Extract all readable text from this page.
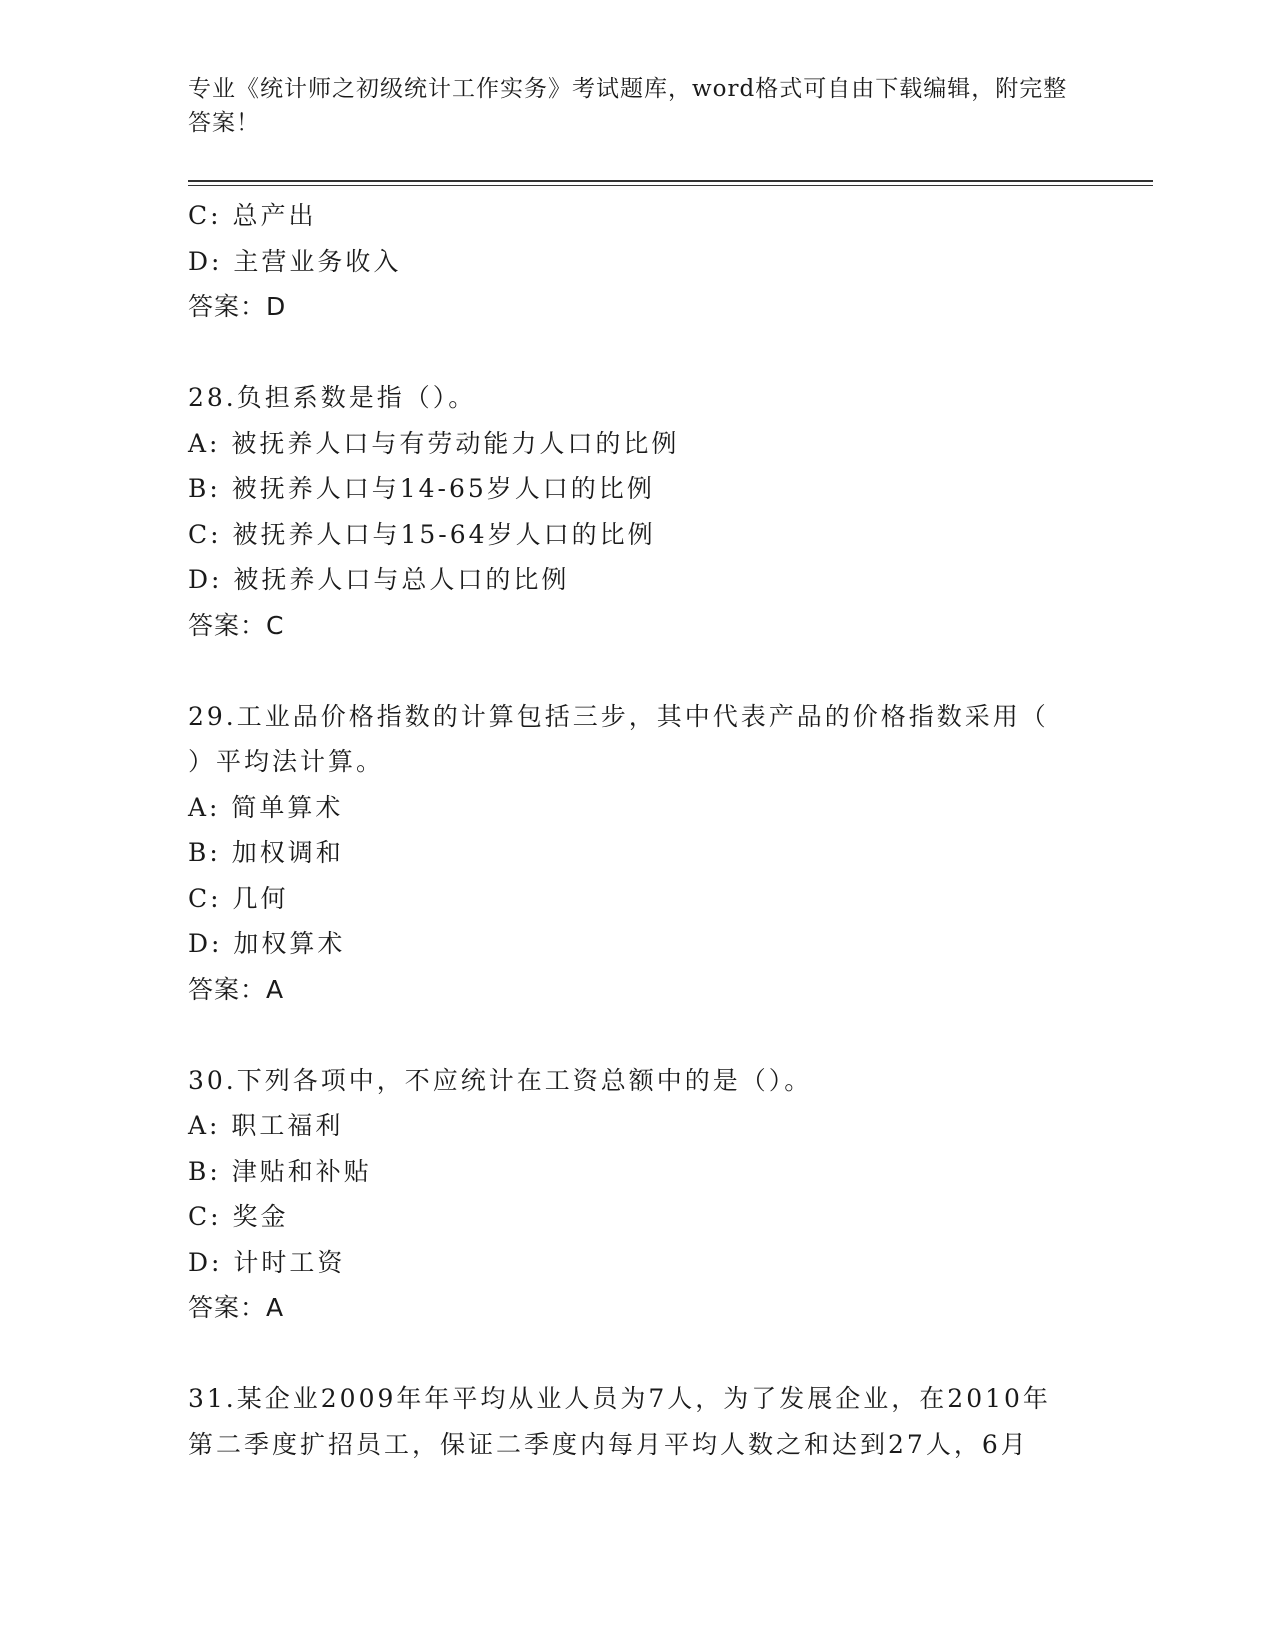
专业《统计师之初级统计工作实务》考试题库，word格式可自由下载编辑，附完整答案！
C: 总产出
D: 主营业务收入
答案：D
28.负担系数是指（）。
A: 被抚养人口与有劳动能力人口的比例
B: 被抚养人口与14-65岁人口的比例
C: 被抚养人口与15-64岁人口的比例
D: 被抚养人口与总人口的比例
答案：C
29.工业品价格指数的计算包括三步，其中代表产品的价格指数采用（
）平均法计算。
A: 简单算术
B: 加权调和
C: 几何
D: 加权算术
答案：A
30.下列各项中，不应统计在工资总额中的是（）。
A: 职工福利
B: 津贴和补贴
C: 奖金
D: 计时工资
答案：A
31.某企业2009年年平均从业人员为7人，为了发展企业，在2010年
第二季度扩招员工，保证二季度内每月平均人数之和达到27人，6月
